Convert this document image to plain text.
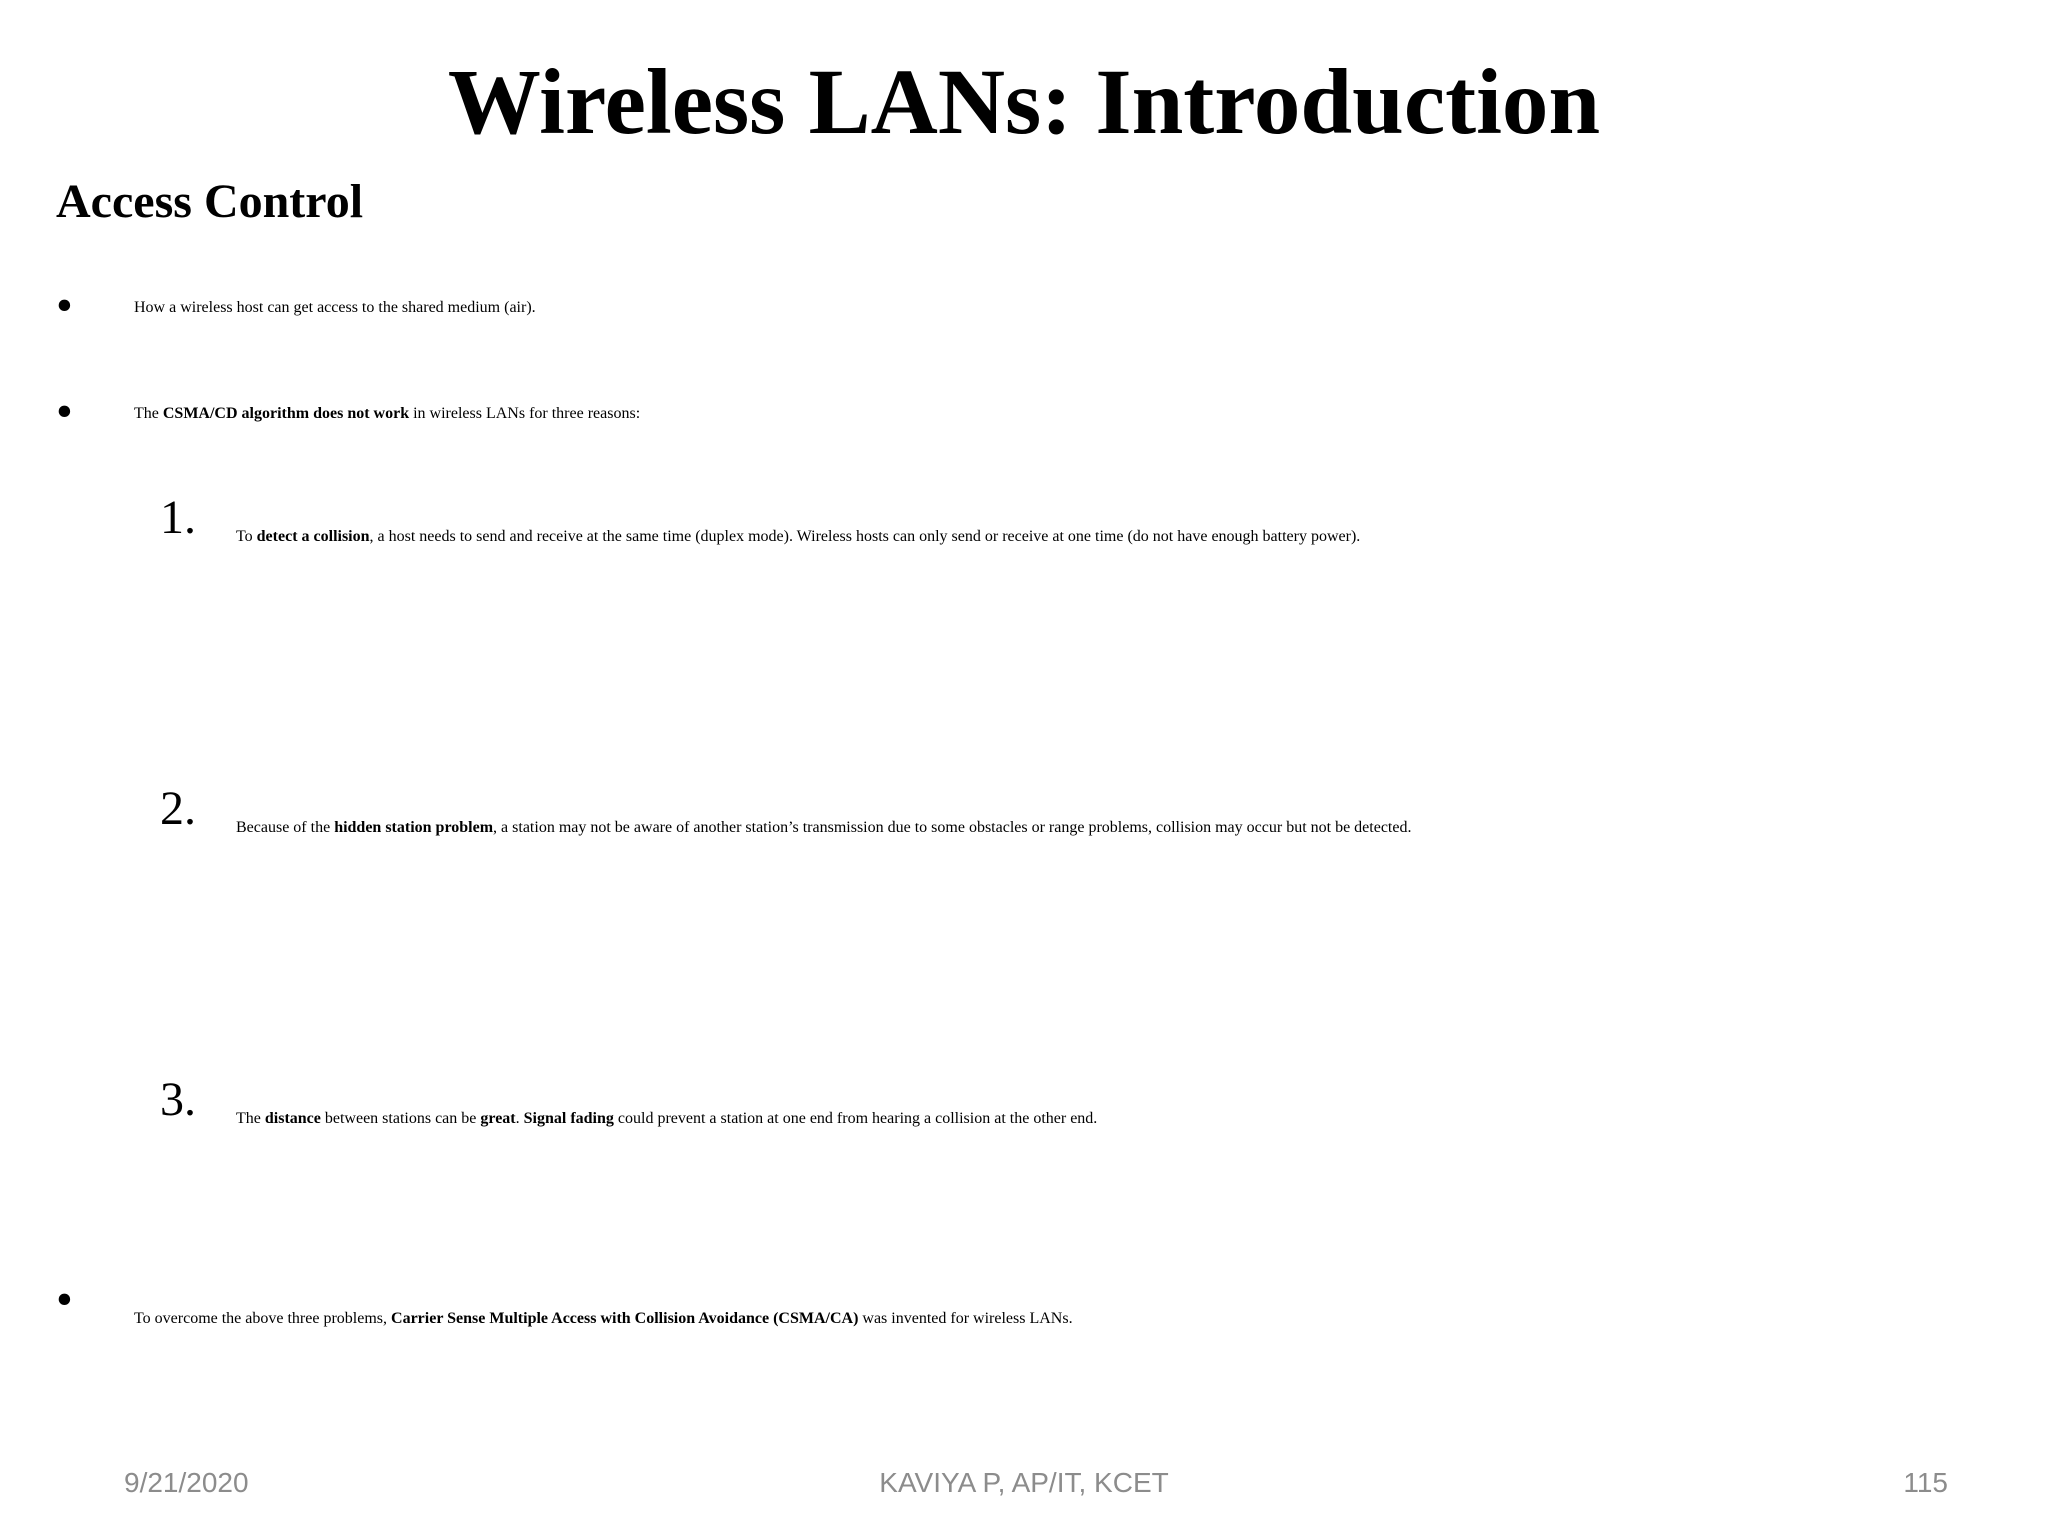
Wireless LANs: Introduction

Access Control

•	How a wireless host can get access to the shared medium (air).
•	The CSMA/CD algorithm does not work in wireless LANs for three reasons:
1.	To detect a collision, a host needs to send and receive at the same time (duplex mode). Wireless hosts can only send or receive at one time (do not have enough battery power).
2.	Because of the hidden station problem, a station may not be aware of another station’s transmission due to some obstacles or range problems, collision may occur but not be detected.
3.	The distance between stations can be great. Signal fading could prevent a station at one end from hearing a collision at the other end.
•	To overcome the above three problems, Carrier Sense Multiple Access with Collision Avoidance (CSMA/CA) was invented for wireless LANs.
9/21/2020	KAVIYA P, AP/IT, KCET	115
